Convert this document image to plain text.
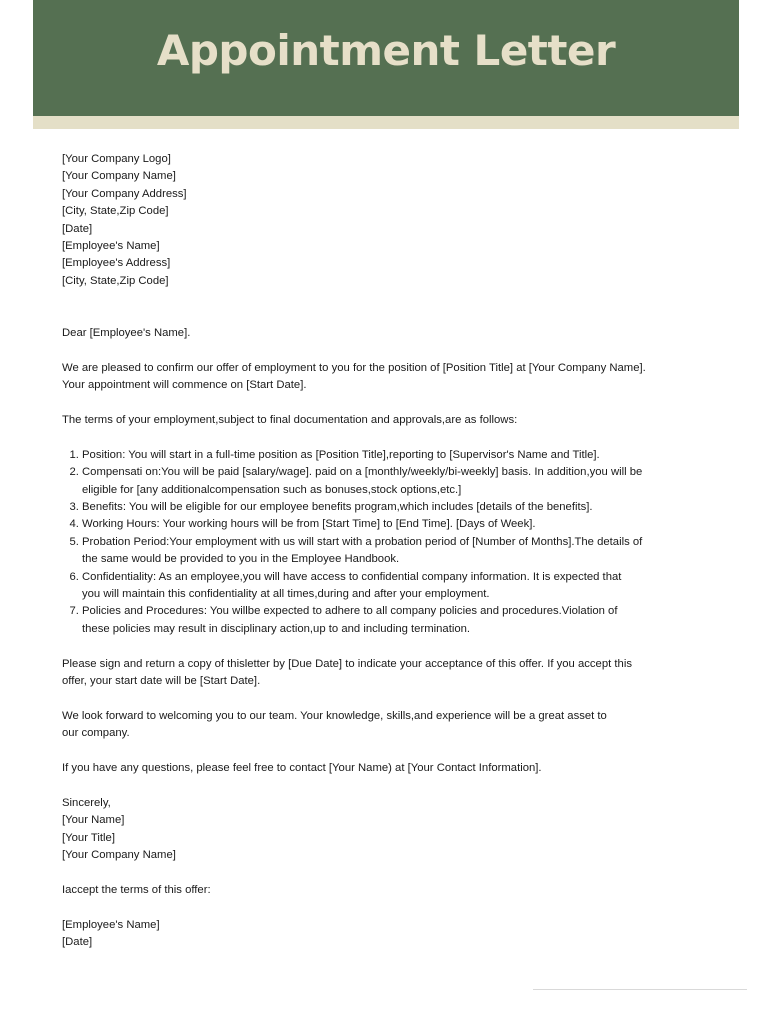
Appointment Letter

[Your Company Logo]

[Your Company Name]

[Your Company Address]

[City, State,Zip Code]

[Date]

[Employee's Name]

[Employee's Address]

[City, State,Zip Code]

Dear [Employee's Name].

We are pleased to confirm our offer of employment to you for the position of [Position Title] at [Your Company Name].

Your appointment will commence on [Start Date].

The terms of your employment,subject to final documentation and approvals,are as follows:

1. Position: You will start in a full-time position as [Position Title],reporting to [Supervisor's Name and Title].
2. Compensati on:You will be paid [salary/wage]. paid on a [monthly/weekly/bi-weekly] basis. In addition,you will be
eligible for [any additionalcompensation such as bonuses,stock options,etc.]
3. Benefits: You will be eligible for our employee benefits program,which includes [details of the benefits].
4. Working Hours: Your working hours will be from [Start Time] to [End Time]. [Days of Week].
5. Probation Period:Your employment with us will start with a probation period of [Number of Months].The details of
the same would be provided to you in the Employee Handbook.
6. Confidentiality: As an employee,you will have access to confidential company information. It is expected that
you will maintain this confidentiality at all times,during and after your employment.
7. Policies and Procedures: You willbe expected to adhere to all company policies and procedures.Violation of
these policies may result in disciplinary action,up to and including termination.

Please sign and return a copy of thisletter by [Due Date] to indicate your acceptance of this offer. If you accept this

offer, your start date will be [Start Date].

We look forward to welcoming you to our team. Your knowledge, skills,and experience will be a great asset to

our company.

If you have any questions, please feel free to contact [Your Name) at [Your Contact Information].

Sincerely,

[Your Name]

[Your Title]

[Your Company Name]

Iaccept the terms of this offer:

[Employee's Name]

[Date]
